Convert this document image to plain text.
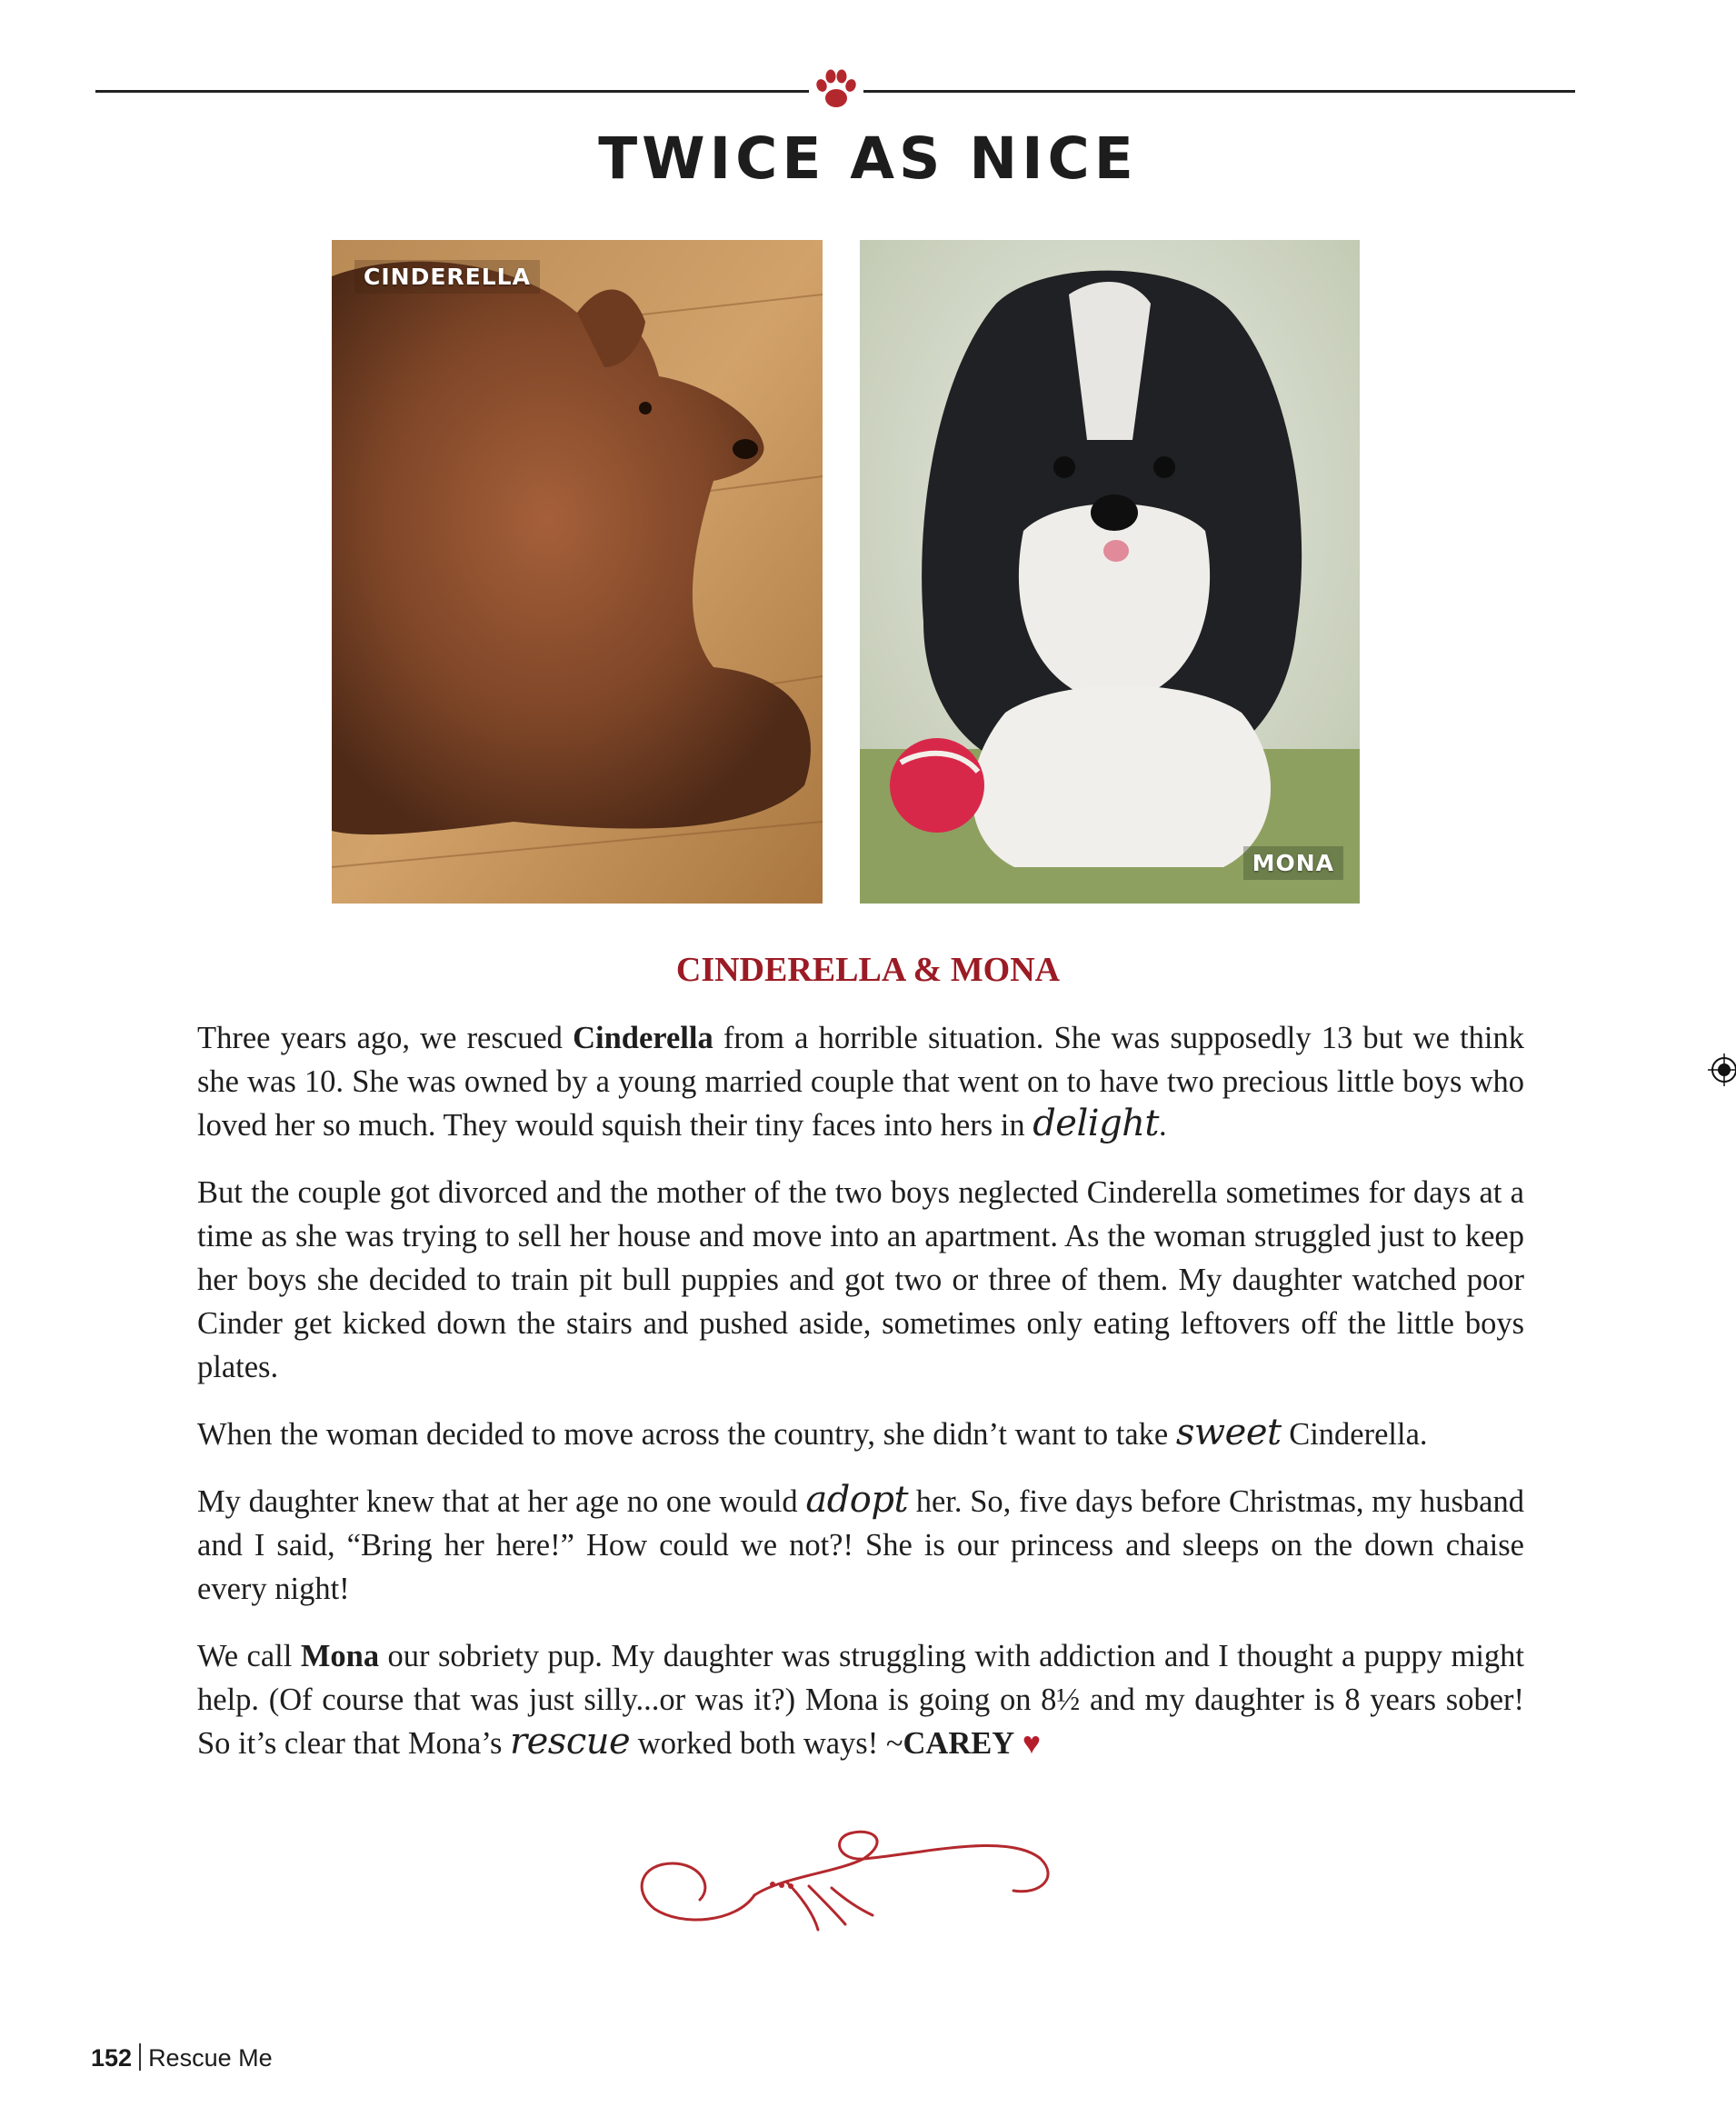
TWICE AS NICE
CINDERELLA
MONA
CINDERELLA & MONA

Three years ago, we rescued Cinderella from a horrible situation. She was supposedly 13 but we think she was 10. She was owned by a young married couple that went on to have two precious little boys who loved her so much. They would squish their tiny faces into hers in delight.

But the couple got divorced and the mother of the two boys neglected Cinderella sometimes for days at a time as she was trying to sell her house and move into an apartment. As the woman struggled just to keep her boys she decided to train pit bull puppies and got two or three of them. My daughter watched poor Cinder get kicked down the stairs and pushed aside, sometimes only eating leftovers off the little boys plates.

When the woman decided to move across the country, she didn’t want to take sweet Cinderella.

My daughter knew that at her age no one would adopt her. So, five days before Christmas, my husband and I said, “Bring her here!” How could we not?! She is our princess and sleeps on the down chaise every night!

We call Mona our sobriety pup. My daughter was struggling with addiction and I thought a puppy might help. (Of course that was just silly...or was it?) Mona is going on 8½ and my daughter is 8 years sober! So it’s clear that Mona’s rescue worked both ways! ~CAREY ♥

152 Rescue Me
